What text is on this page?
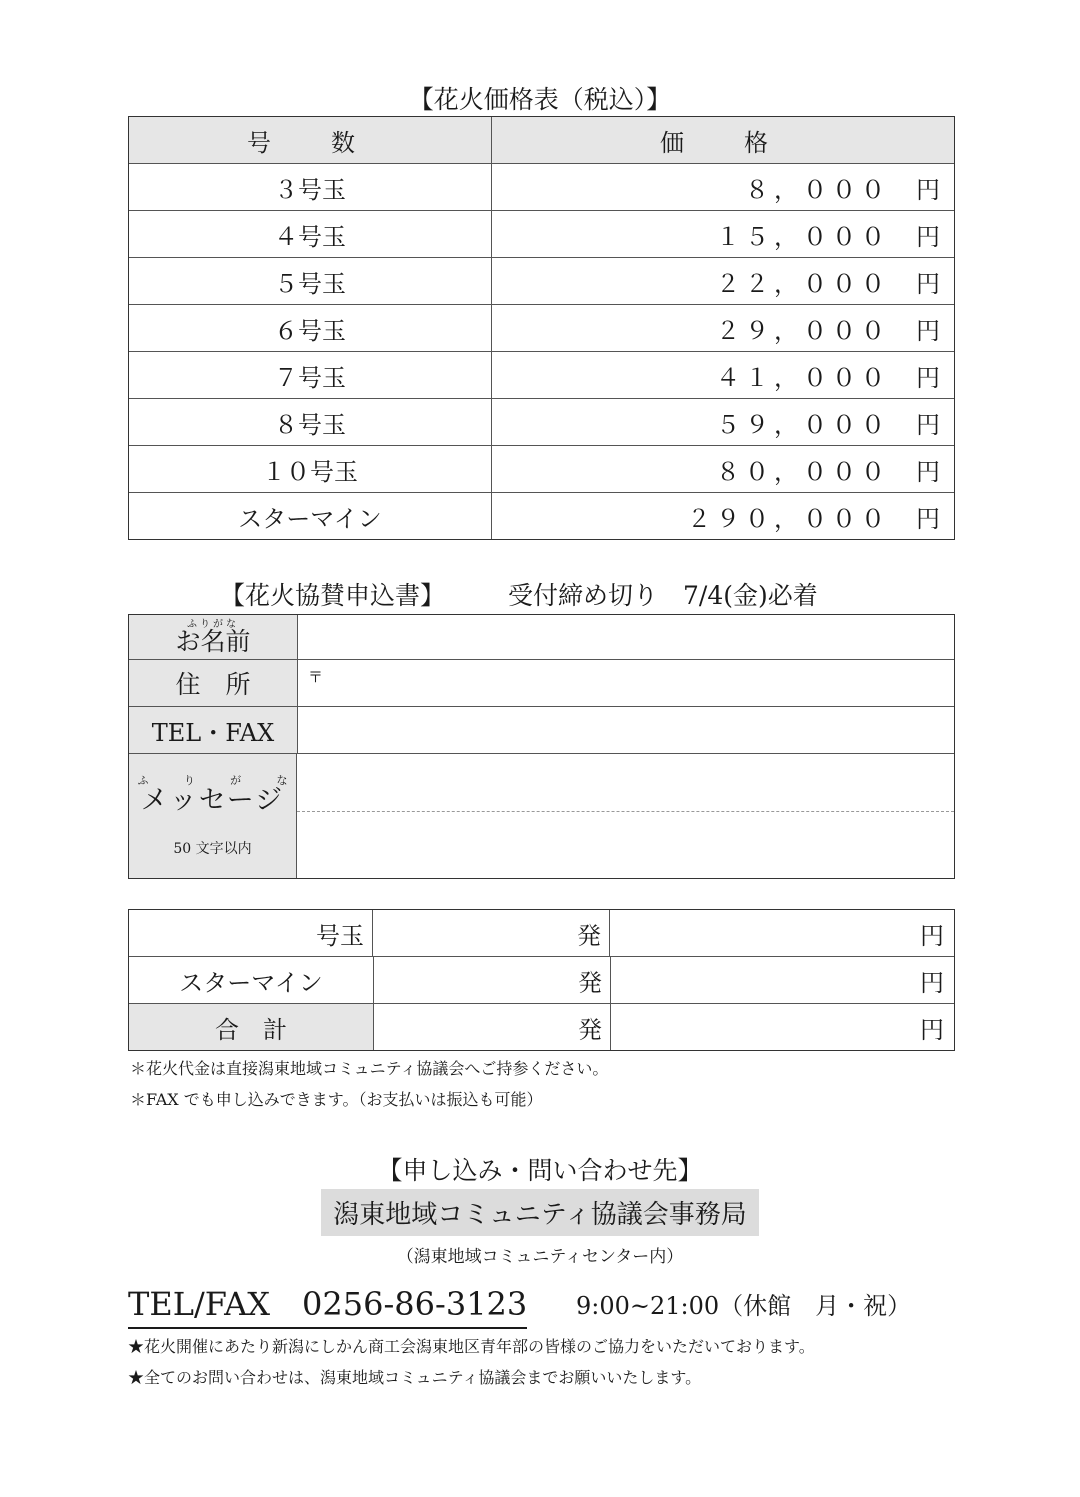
【花火価格表（税込）】
号　数	価　格
３号玉	８，０００ 円
４号玉	１５，０００ 円
５号玉	２２，０００ 円
６号玉	２９，０００ 円
７号玉	４１，０００ 円
８号玉	５９，０００ 円
１０号玉	８０，０００ 円
スターマイン	２９０，０００ 円
【花火協賛申込書】	受付締め切り　7/4(金)必着
ふりがな
お名前
住　所	〒
TEL・FAX
ふ	り	が	な
メッセージ
50 文字以内
号玉	発	円
スターマイン	発	円
合　計	発	円
＊花火代金は直接潟東地域コミュニティ協議会へご持参ください。
＊FAX でも申し込みできます。（お支払いは振込も可能）
【申し込み・問い合わせ先】
潟東地域コミュニティ協議会事務局
（潟東地域コミュニティセンター内）
TEL/FAX　0256-86-3123 9:00~21:00（休館　月・祝）
★花火開催にあたり新潟にしかん商工会潟東地区青年部の皆様のご協力をいただいております。
★全てのお問い合わせは、潟東地域コミュニティ協議会までお願いいたします。
